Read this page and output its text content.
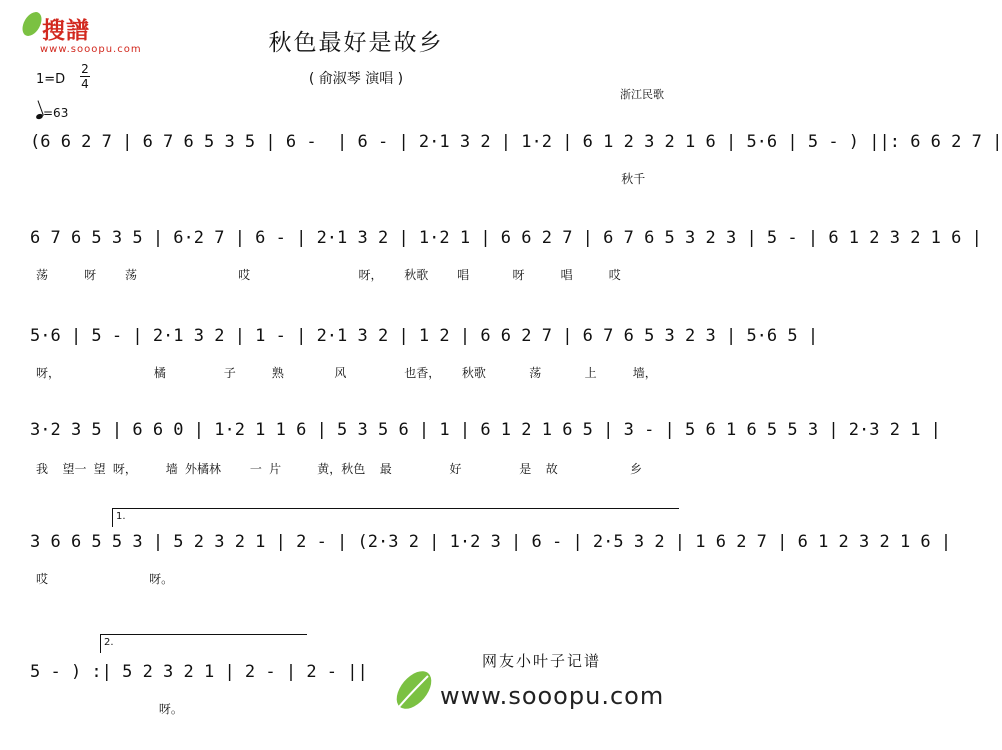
搜譜
www.sooopu.com	秋色最好是故乡
( 俞淑琴 演唱 )
浙江民歌
1=D
2
4
=63
(6 6 2 7 | 6 7 6 5 3 5 | 6 -  | 6 - | 2·1 3 2 | 1·2 | 6 1 2 3 2 1 6 | 5·6 | 5 - ) ||: 6 6 2 7 |
秋千
6 7 6 5 3 5 | 6·2 7 | 6 - | 2·1 3 2 | 1·2 1 | 6 6 2 7 | 6 7 6 5 3 2 3 | 5 - | 6 1 2 3 2 1 6 |
荡     呀    荡              哎               呀，   秋歌    唱      呀     唱     哎
5·6 | 5 - | 2·1 3 2 | 1 - | 2·1 3 2 | 1 2 | 6 6 2 7 | 6 7 6 5 3 2 3 | 5·6 5 |
呀，             橘        子     熟       风        也香，   秋歌      荡      上     墙，
3·2 3 5 | 6 6 0 | 1·2 1 1 6 | 5 3 5 6 | 1 | 6 1 2 1 6 5 | 3 - | 5 6 1 6 5 5 3 | 2·3 2 1 |
我  望一 望 呀，    墙 外橘林    一 片     黄，秋色  最        好        是  故          乡
1.
3 6 6 5 5 3 | 5 2 3 2 1 | 2 - | (2·3 2 | 1·2 3 | 6 - | 2·5 3 2 | 1 6 2 7 | 6 1 2 3 2 1 6 |
哎              呀。
2.
5 - ) :| 5 2 3 2 1 | 2 - | 2 - ||
呀。
网友小叶子记谱
www.sooopu.com
